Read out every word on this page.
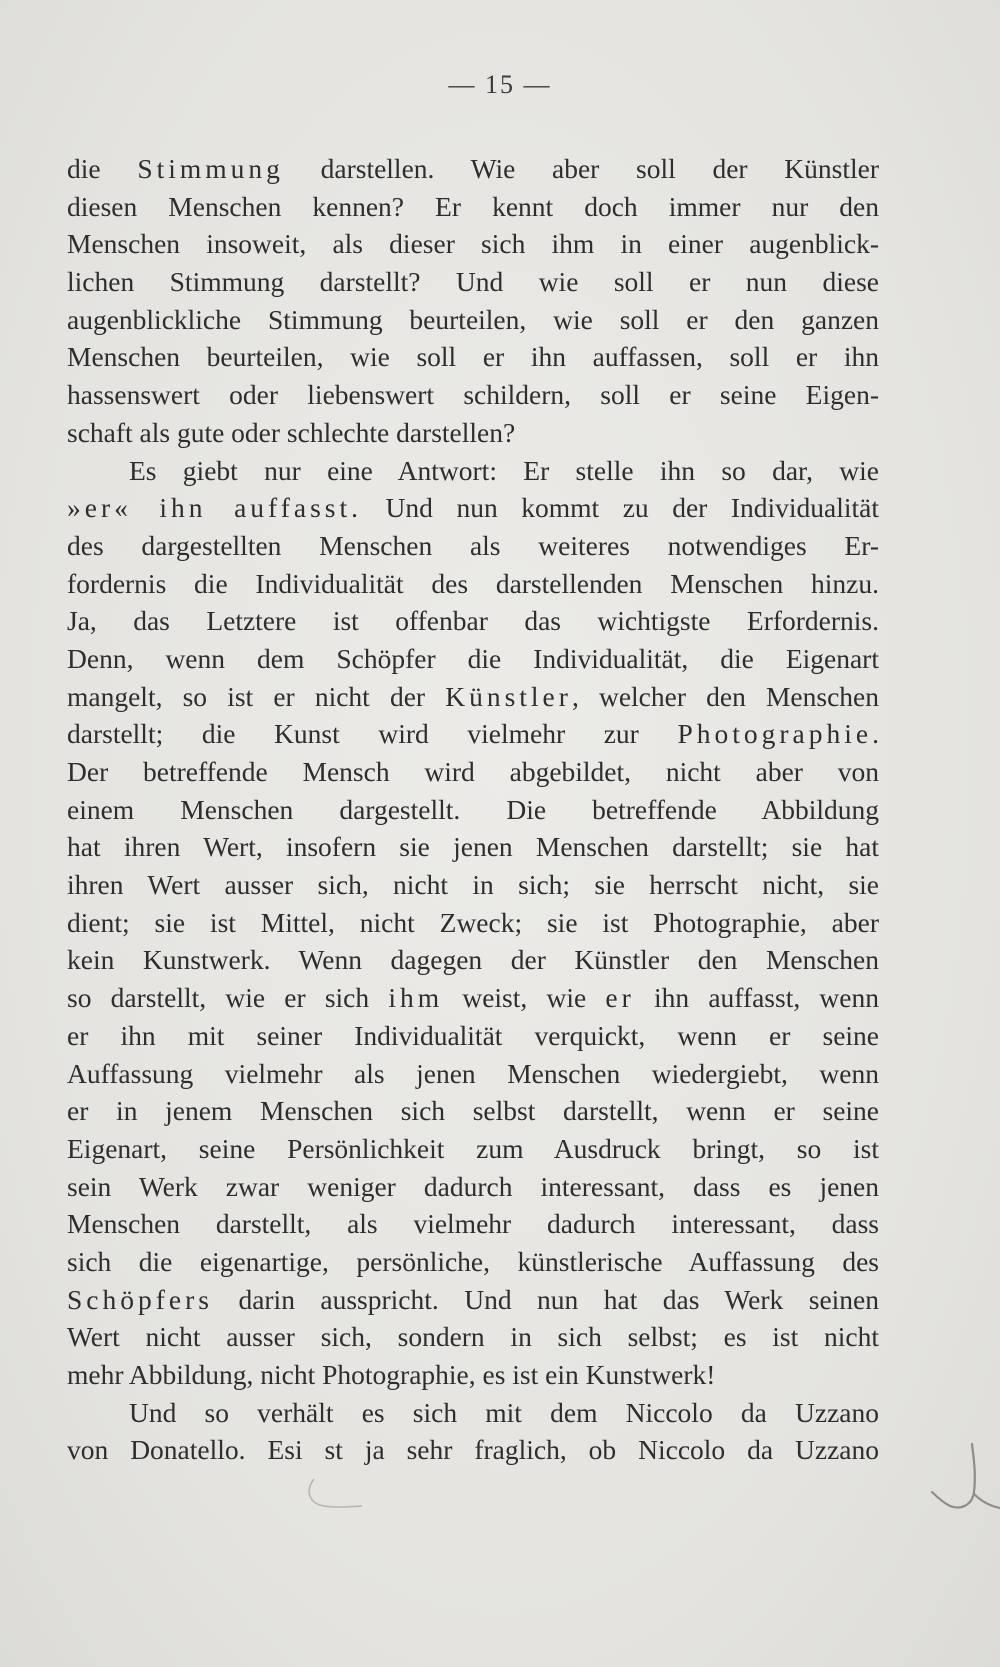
— 15 —
die Stimmung darstellen. Wie aber soll der Künstler
diesen Menschen kennen? Er kennt doch immer nur den
Menschen insoweit, als dieser sich ihm in einer augenblick-
lichen Stimmung darstellt? Und wie soll er nun diese
augenblickliche Stimmung beurteilen, wie soll er den ganzen
Menschen beurteilen, wie soll er ihn auffassen, soll er ihn
hassenswert oder liebenswert schildern, soll er seine Eigen-
schaft als gute oder schlechte darstellen?
Es giebt nur eine Antwort: Er stelle ihn so dar, wie
»er« ihn auffasst. Und nun kommt zu der Individualität
des dargestellten Menschen als weiteres notwendiges Er-
fordernis die Individualität des darstellenden Menschen hinzu.
Ja, das Letztere ist offenbar das wichtigste Erfordernis.
Denn, wenn dem Schöpfer die Individualität, die Eigenart
mangelt, so ist er nicht der Künstler, welcher den Menschen
darstellt; die Kunst wird vielmehr zur Photographie.
Der betreffende Mensch wird abgebildet, nicht aber von
einem Menschen dargestellt. Die betreffende Abbildung
hat ihren Wert, insofern sie jenen Menschen darstellt; sie hat
ihren Wert ausser sich, nicht in sich; sie herrscht nicht, sie
dient; sie ist Mittel, nicht Zweck; sie ist Photographie, aber
kein Kunstwerk. Wenn dagegen der Künstler den Menschen
so darstellt, wie er sich ihm weist, wie er ihn auffasst, wenn
er ihn mit seiner Individualität verquickt, wenn er seine
Auffassung vielmehr als jenen Menschen wiedergiebt, wenn
er in jenem Menschen sich selbst darstellt, wenn er seine
Eigenart, seine Persönlichkeit zum Ausdruck bringt, so ist
sein Werk zwar weniger dadurch interessant, dass es jenen
Menschen darstellt, als vielmehr dadurch interessant, dass
sich die eigenartige, persönliche, künstlerische Auffassung des
Schöpfers darin ausspricht. Und nun hat das Werk seinen
Wert nicht ausser sich, sondern in sich selbst; es ist nicht
mehr Abbildung, nicht Photographie, es ist ein Kunstwerk!
Und so verhält es sich mit dem Niccolo da Uzzano
von Donatello. Esi st ja sehr fraglich, ob Niccolo da Uzzano
